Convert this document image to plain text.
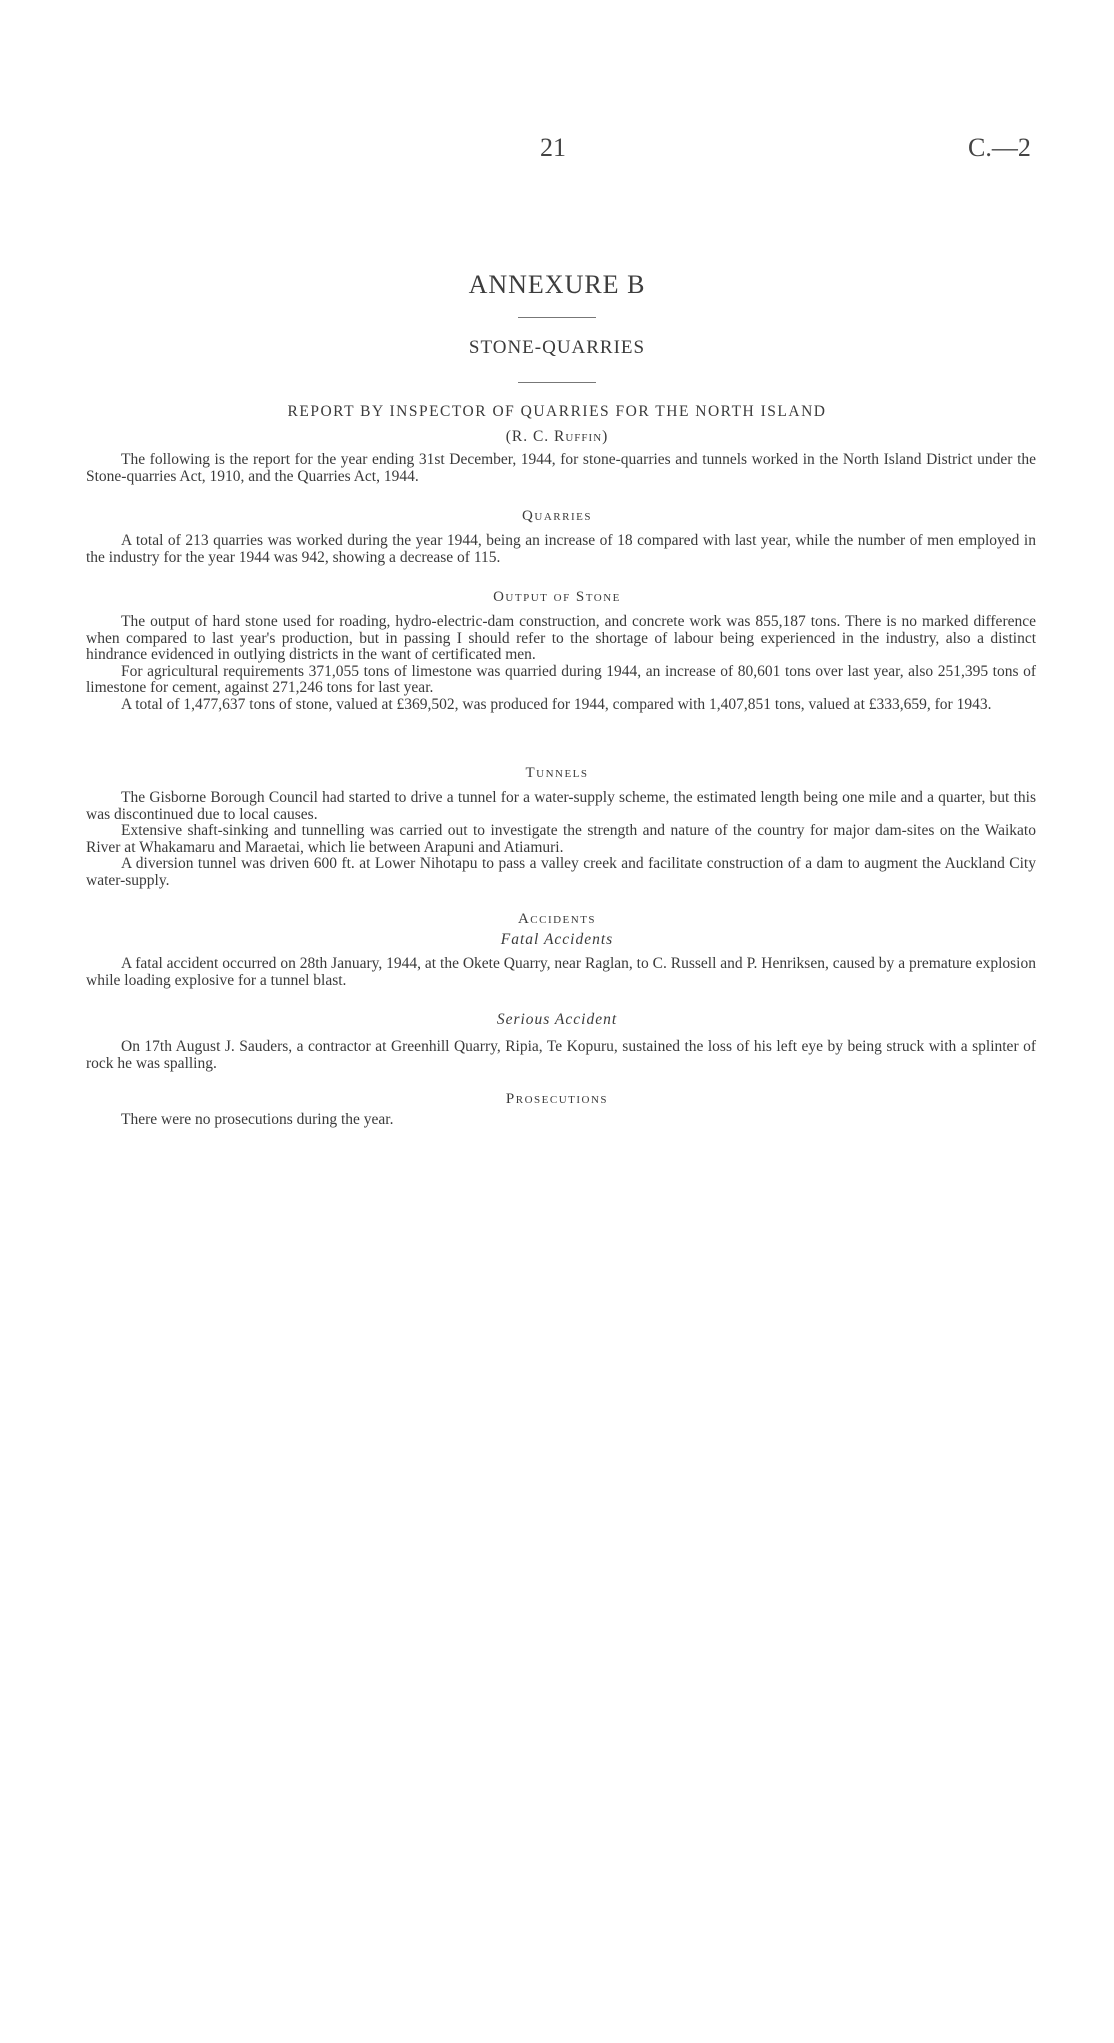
21	C.—2
ANNEXURE B
STONE-QUARRIES
REPORT BY INSPECTOR OF QUARRIES FOR THE NORTH ISLAND
(R. C. Ruffin)

The following is the report for the year ending 31st December, 1944, for stone-quarries and tunnels worked in the North Island District under the Stone-quarries Act, 1910, and the Quarries Act, 1944.

Quarries

A total of 213 quarries was worked during the year 1944, being an increase of 18 compared with last year, while the number of men employed in the industry for the year 1944 was 942, showing a decrease of 115.

Output of Stone

The output of hard stone used for roading, hydro-electric-dam construction, and concrete work was 855,187 tons. There is no marked difference when compared to last year's production, but in passing I should refer to the shortage of labour being experienced in the industry, also a distinct hindrance evidenced in outlying districts in the want of certificated men.

For agricultural requirements 371,055 tons of limestone was quarried during 1944, an increase of 80,601 tons over last year, also 251,395 tons of limestone for cement, against 271,246 tons for last year.

A total of 1,477,637 tons of stone, valued at £369,502, was produced for 1944, compared with 1,407,851 tons, valued at £333,659, for 1943.

Tunnels

The Gisborne Borough Council had started to drive a tunnel for a water-supply scheme, the estimated length being one mile and a quarter, but this was discontinued due to local causes.

Extensive shaft-sinking and tunnelling was carried out to investigate the strength and nature of the country for major dam-sites on the Waikato River at Whakamaru and Maraetai, which lie between Arapuni and Atiamuri.

A diversion tunnel was driven 600 ft. at Lower Nihotapu to pass a valley creek and facilitate construction of a dam to augment the Auckland City water-supply.

Accidents
Fatal Accidents

A fatal accident occurred on 28th January, 1944, at the Okete Quarry, near Raglan, to C. Russell and P. Henriksen, caused by a premature explosion while loading explosive for a tunnel blast.

Serious Accident

On 17th August J. Sauders, a contractor at Greenhill Quarry, Ripia, Te Kopuru, sustained the loss of his left eye by being struck with a splinter of rock he was spalling.

Prosecutions

There were no prosecutions during the year.
